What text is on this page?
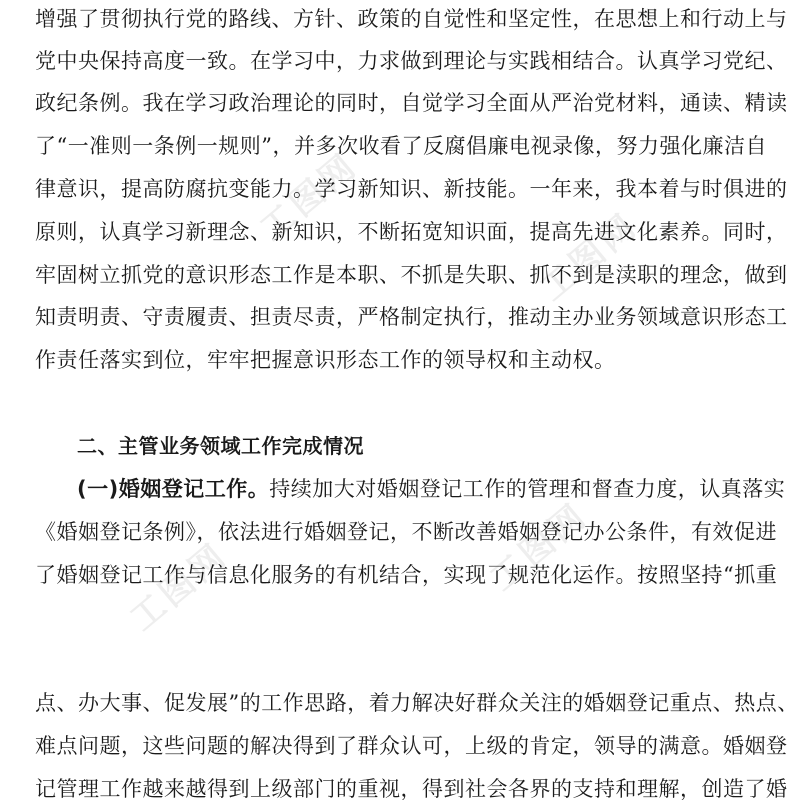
工图网
工图网
工图网	工图网
增强了贯彻执行党的路线、方针、政策的自觉性和坚定性，在思想上和行动上与
党中央保持高度一致。在学习中，力求做到理论与实践相结合。认真学习党纪、
政纪条例。我在学习政治理论的同时，自觉学习全面从严治党材料，通读、精读
了“一准则一条例一规则”，并多次收看了反腐倡廉电视录像，努力强化廉洁自
律意识，提高防腐抗变能力。学习新知识、新技能。一年来，我本着与时俱进的
原则，认真学习新理念、新知识，不断拓宽知识面，提高先进文化素养。同时，
牢固树立抓党的意识形态工作是本职、不抓是失职、抓不到是渎职的理念，做到
知责明责、守责履责、担责尽责，严格制定执行，推动主办业务领域意识形态工
作责任落实到位，牢牢把握意识形态工作的领导权和主动权。
二、主管业务领域工作完成情况
(一)婚姻登记工作。持续加大对婚姻登记工作的管理和督查力度，认真落实
《婚姻登记条例》，依法进行婚姻登记，不断改善婚姻登记办公条件，有效促进
了婚姻登记工作与信息化服务的有机结合，实现了规范化运作。按照坚持“抓重
点、办大事、促发展”的工作思路，着力解决好群众关注的婚姻登记重点、热点、
难点问题，这些问题的解决得到了群众认可，上级的肯定，领导的满意。婚姻登
记管理工作越来越得到上级部门的重视，得到社会各界的支持和理解，创造了婚
